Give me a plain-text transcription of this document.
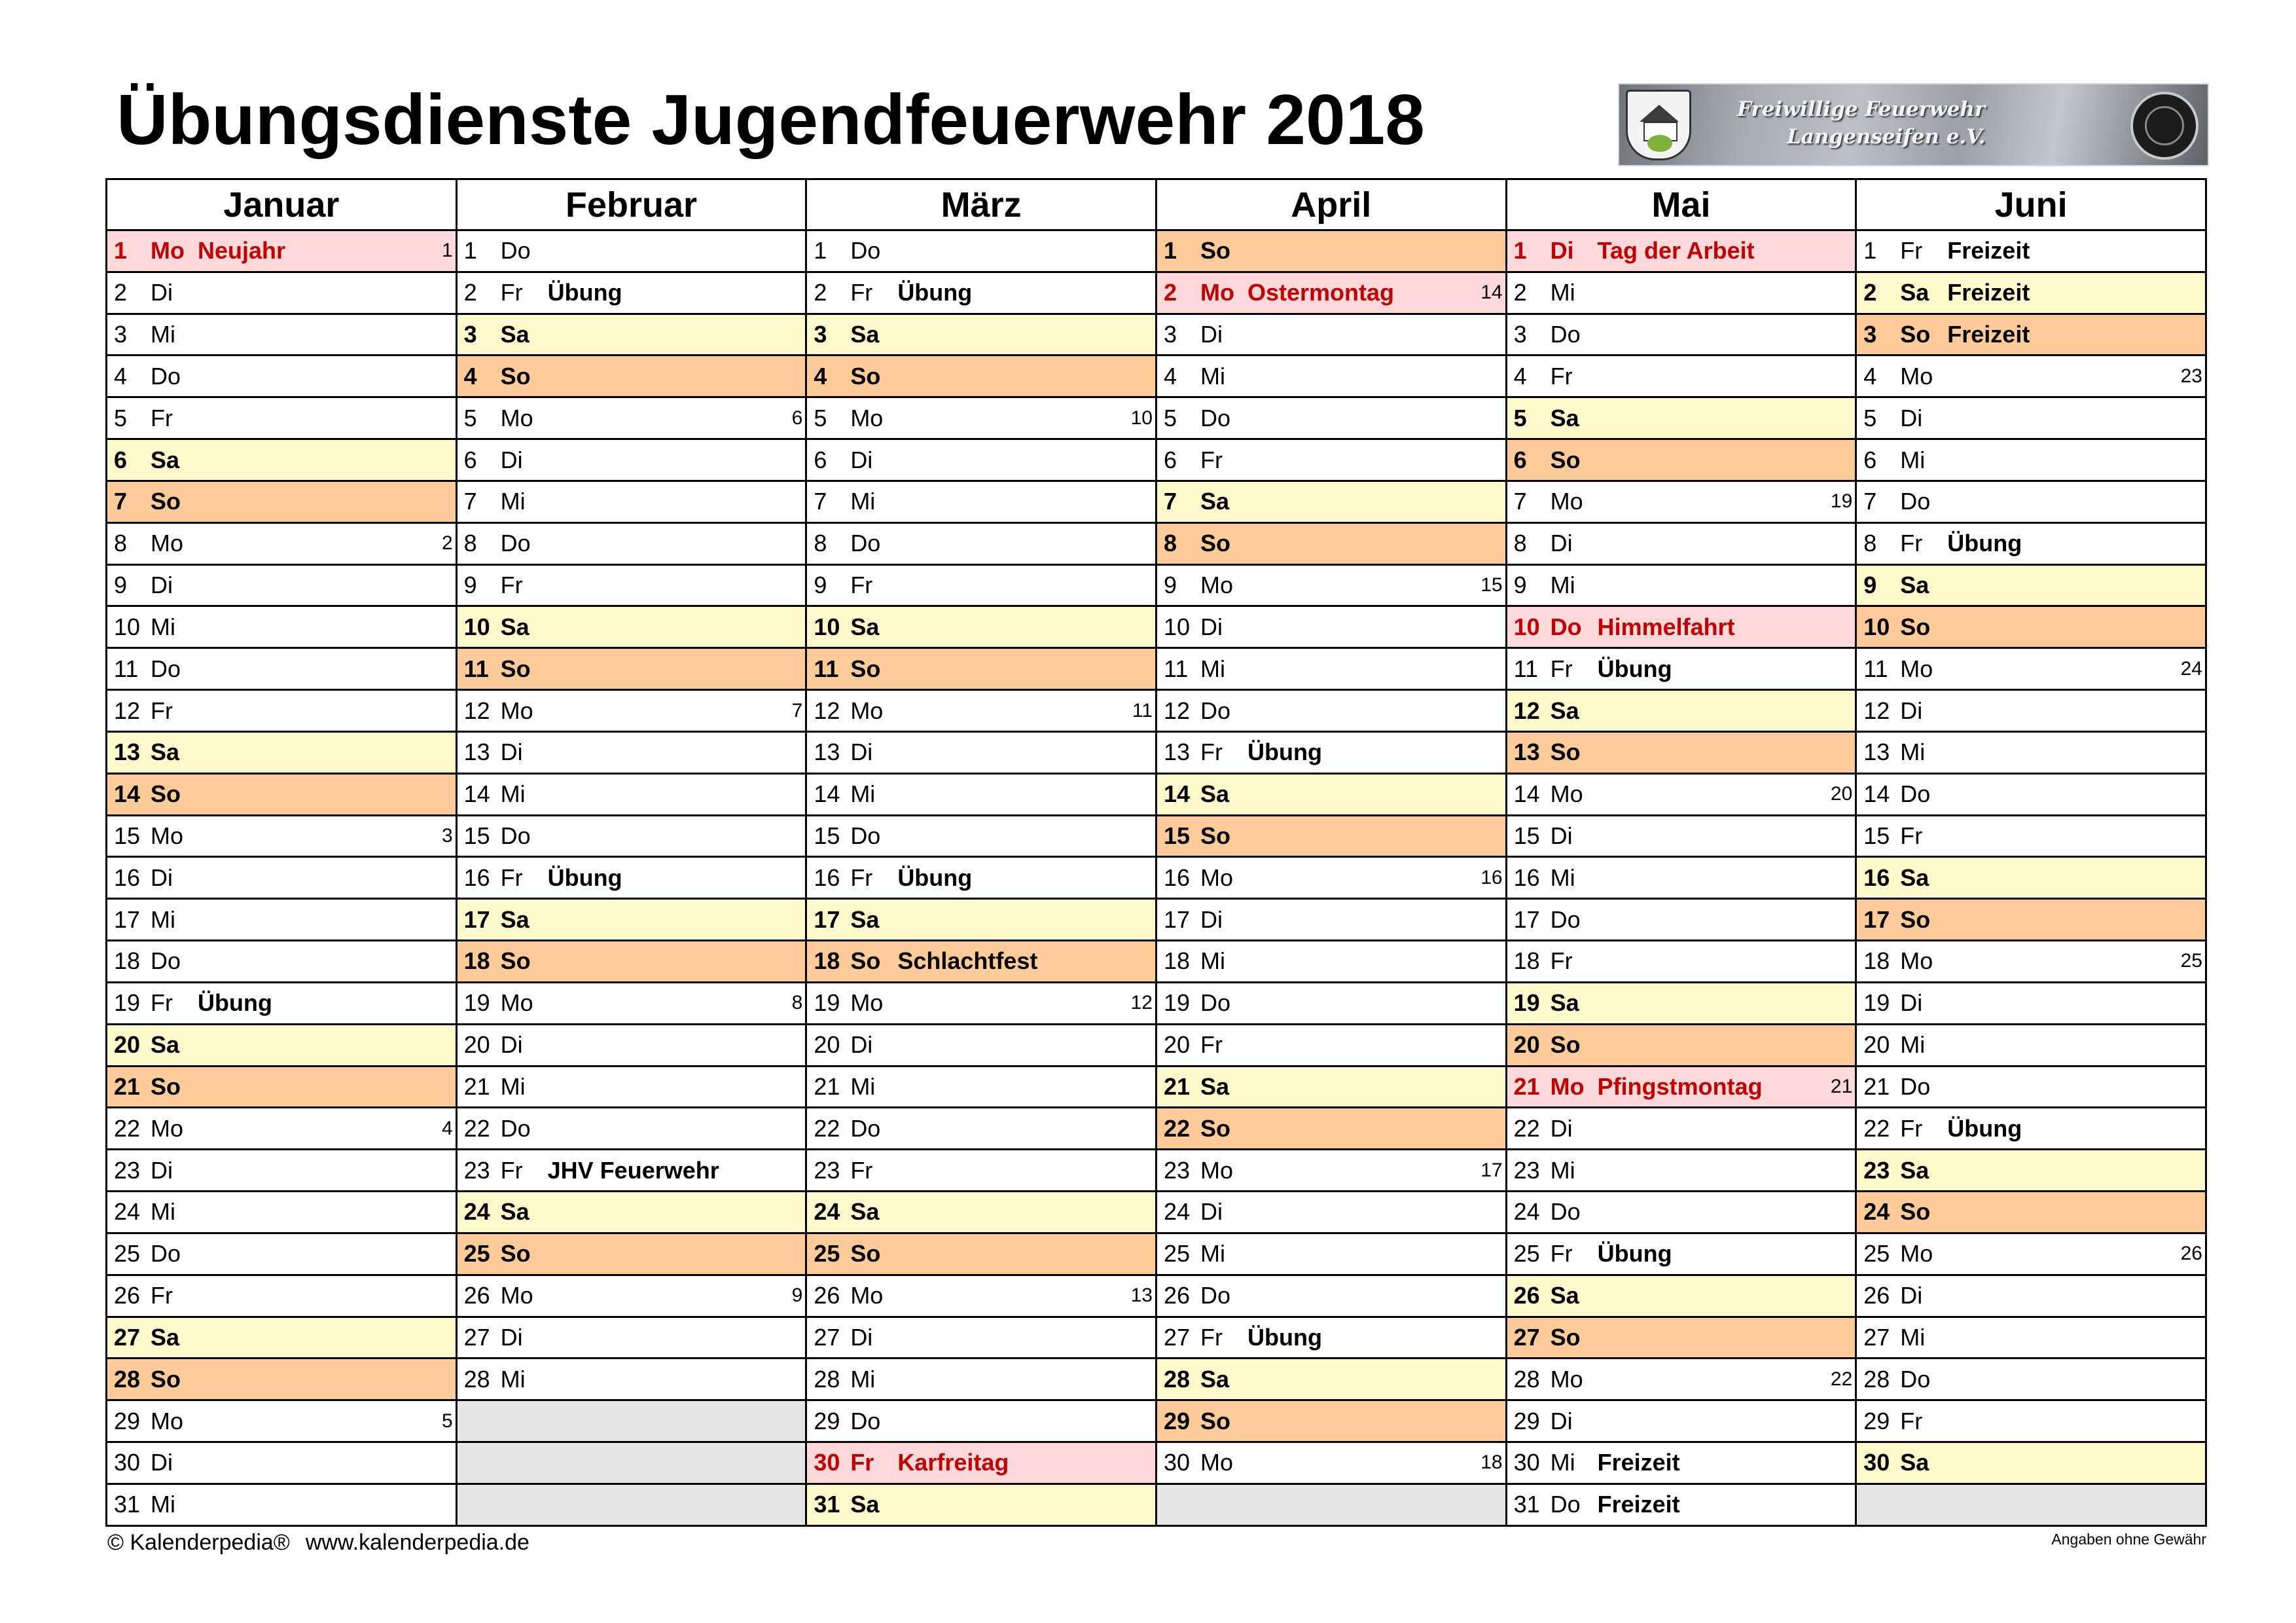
Übungsdienste Jugendfeuerwehr 2018	Freiwillige Feuerwehr
Langenseifen e.V.
Januar	Februar	März	April	Mai	Juni

1 Mo Neujahr 1	1 Do	1 Do	1 So	1 Di Tag der Arbeit	1 Fr Freizeit

2 Di	2 Fr Übung	2 Fr Übung	2 Mo Ostermontag 14	2 Mi	2 Sa Freizeit

3 Mi	3 Sa	3 Sa	3 Di	3 Do	3 So Freizeit

4 Do	4 So	4 So	4 Mi	4 Fr	4 Mo 23

5 Fr	5 Mo 6	5 Mo 10	5 Do	5 Sa	5 Di

6 Sa	6 Di	6 Di	6 Fr	6 So	6 Mi

7 So	7 Mi	7 Mi	7 Sa	7 Mo 19	7 Do

8 Mo 2	8 Do	8 Do	8 So	8 Di	8 Fr Übung

9 Di	9 Fr	9 Fr	9 Mo 15	9 Mi	9 Sa

10 Mi	10 Sa	10 Sa	10 Di	10 Do Himmelfahrt	10 So

11 Do	11 So	11 So	11 Mi	11 Fr Übung	11 Mo 24

12 Fr	12 Mo 7	12 Mo 11	12 Do	12 Sa	12 Di

13 Sa	13 Di	13 Di	13 Fr Übung	13 So	13 Mi

14 So	14 Mi	14 Mi	14 Sa	14 Mo 20	14 Do

15 Mo 3	15 Do	15 Do	15 So	15 Di	15 Fr

16 Di	16 Fr Übung	16 Fr Übung	16 Mo 16	16 Mi	16 Sa

17 Mi	17 Sa	17 Sa	17 Di	17 Do	17 So

18 Do	18 So	18 So Schlachtfest	18 Mi	18 Fr	18 Mo 25

19 Fr Übung	19 Mo 8	19 Mo 12	19 Do	19 Sa	19 Di

20 Sa	20 Di	20 Di	20 Fr	20 So	20 Mi

21 So	21 Mi	21 Mi	21 Sa	21 Mo Pfingstmontag 21	21 Do

22 Mo 4	22 Do	22 Do	22 So	22 Di	22 Fr Übung

23 Di	23 Fr JHV Feuerwehr	23 Fr	23 Mo 17	23 Mi	23 Sa

24 Mi	24 Sa	24 Sa	24 Di	24 Do	24 So

25 Do	25 So	25 So	25 Mi	25 Fr Übung	25 Mo 26

26 Fr	26 Mo 9	26 Mo 13	26 Do	26 Sa	26 Di

27 Sa	27 Di	27 Di	27 Fr Übung	27 So	27 Mi

28 So	28 Mi	28 Mi	28 Sa	28 Mo 22	28 Do

29 Mo 5		29 Do	29 So	29 Di	29 Fr

30 Di		30 Fr Karfreitag	30 Mo 18	30 Mi Freizeit	30 Sa

31 Mi		31 Sa		31 Do Freizeit	

© Kalenderpedia® www.kalenderpedia.de	Angaben ohne Gewähr
